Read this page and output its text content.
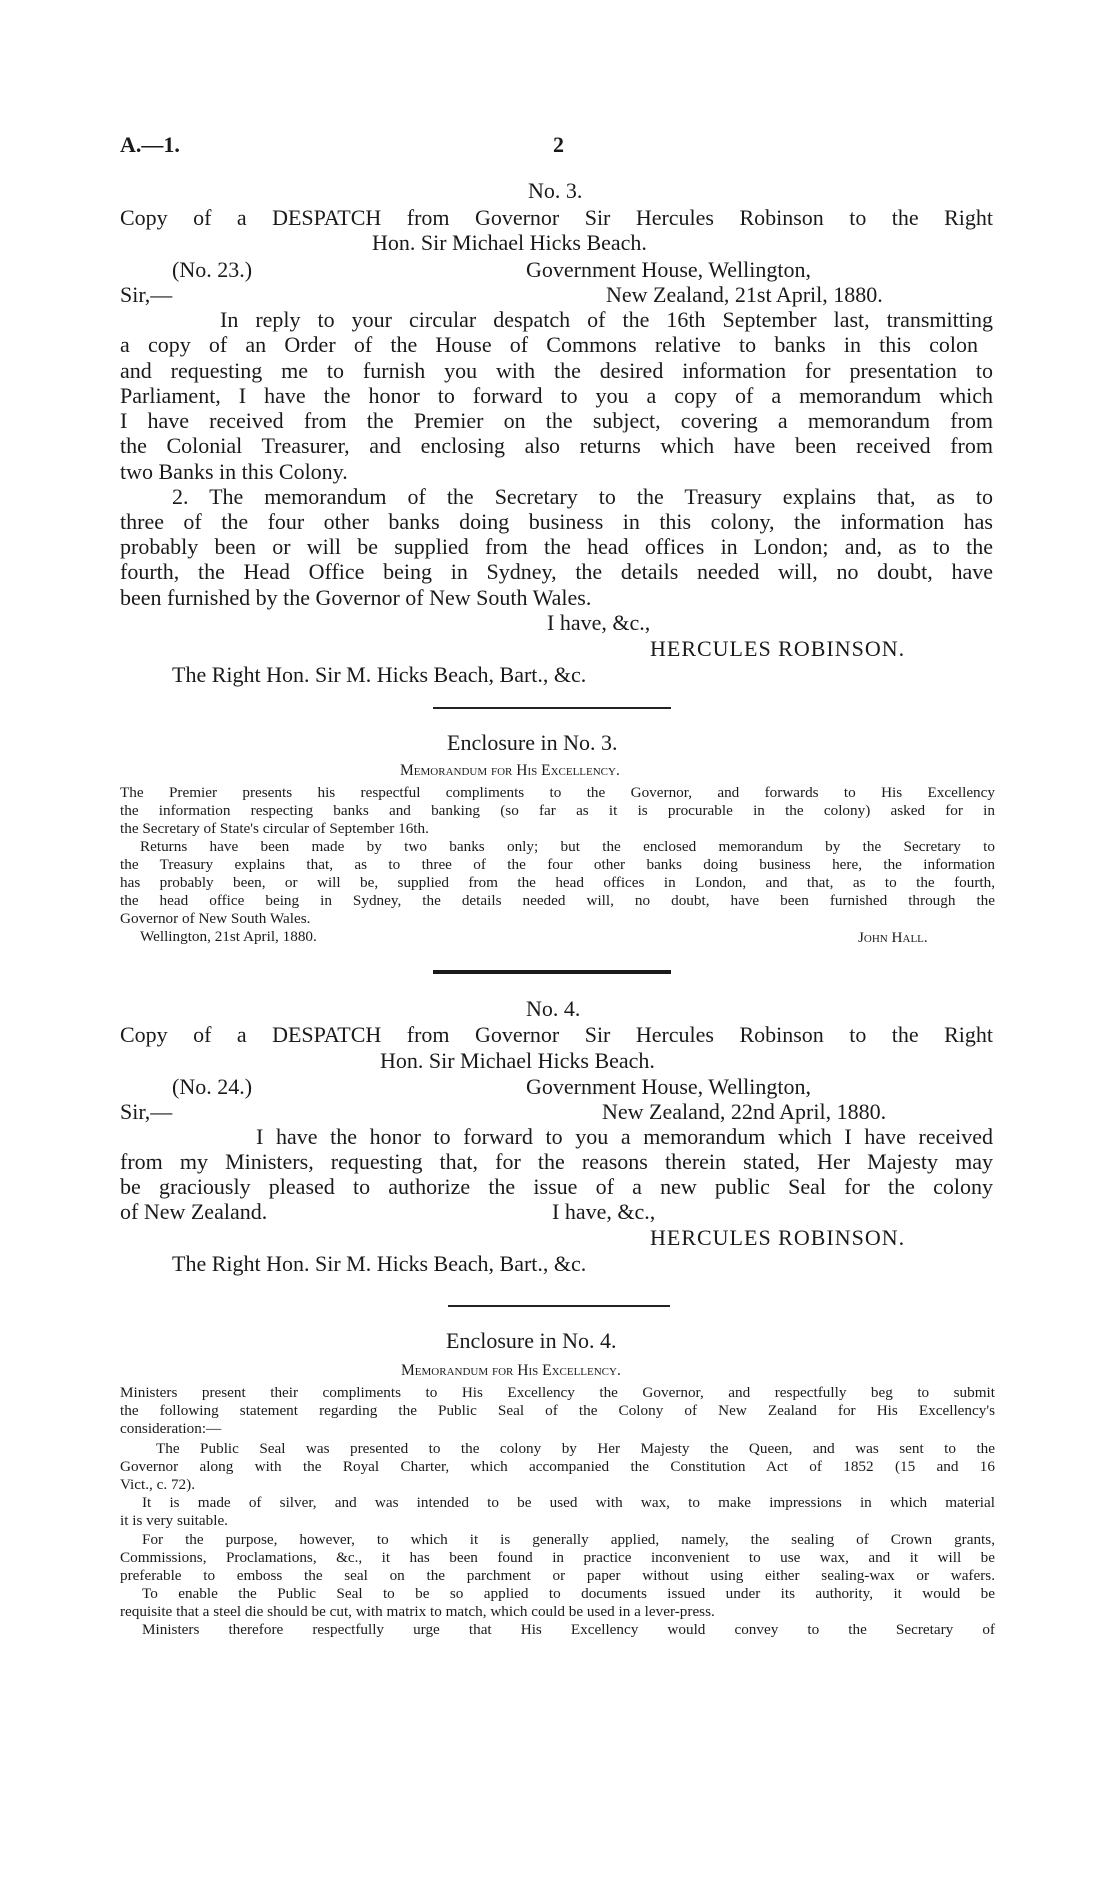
A.—1.	2
No. 3.
Copy of a DESPATCH from Governor Sir Hercules Robinson to the Right
Hon. Sir Michael Hicks Beach.
(No. 23.)	Government House, Wellington,
Sir,—	New Zealand, 21st April, 1880.
In reply to your circular despatch of the 16th September last, transmitting
a copy of an Order of the House of Commons relative to banks in this colon
and requesting me to furnish you with the desired information for presentation to
Parliament, I have the honor to forward to you a copy of a memorandum which
I have received from the Premier on the subject, covering a memorandum from
the Colonial Treasurer, and enclosing also returns which have been received from
two Banks in this Colony.
2. The memorandum of the Secretary to the Treasury explains that, as to
three of the four other banks doing business in this colony, the information has
probably been or will be supplied from the head offices in London; and, as to the
fourth, the Head Office being in Sydney, the details needed will, no doubt, have
been furnished by the Governor of New South Wales.
I have, &c.,
HERCULES ROBINSON.
The Right Hon. Sir M. Hicks Beach, Bart., &c.
Enclosure in No. 3.
Memorandum for His Excellency.
The Premier presents his respectful compliments to the Governor, and forwards to His Excellency
the information respecting banks and banking (so far as it is procurable in the colony) asked for in
the Secretary of State's circular of September 16th.
Returns have been made by two banks only; but the enclosed memorandum by the Secretary to
the Treasury explains that, as to three of the four other banks doing business here, the information
has probably been, or will be, supplied from the head offices in London, and that, as to the fourth,
the head office being in Sydney, the details needed will, no doubt, have been furnished through the
Governor of New South Wales.
Wellington, 21st April, 1880.	John Hall.
No. 4.
Copy of a DESPATCH from Governor Sir Hercules Robinson to the Right
Hon. Sir Michael Hicks Beach.
(No. 24.)	Government House, Wellington,
Sir,—	New Zealand, 22nd April, 1880.
I have the honor to forward to you a memorandum which I have received
from my Ministers, requesting that, for the reasons therein stated, Her Majesty may
be graciously pleased to authorize the issue of a new public Seal for the colony
of New Zealand.	I have, &c.,
HERCULES ROBINSON.
The Right Hon. Sir M. Hicks Beach, Bart., &c.
Enclosure in No. 4.
Memorandum for His Excellency.
Ministers present their compliments to His Excellency the Governor, and respectfully beg to submit
the following statement regarding the Public Seal of the Colony of New Zealand for His Excellency's
consideration:—
The Public Seal was presented to the colony by Her Majesty the Queen, and was sent to the
Governor along with the Royal Charter, which accompanied the Constitution Act of 1852 (15 and 16
Vict., c. 72).
It is made of silver, and was intended to be used with wax, to make impressions in which material
it is very suitable.
For the purpose, however, to which it is generally applied, namely, the sealing of Crown grants,
Commissions, Proclamations, &c., it has been found in practice inconvenient to use wax, and it will be
preferable to emboss the seal on the parchment or paper without using either sealing-wax or wafers.
To enable the Public Seal to be so applied to documents issued under its authority, it would be
requisite that a steel die should be cut, with matrix to match, which could be used in a lever-press.
Ministers therefore respectfully urge that His Excellency would convey to the Secretary of
